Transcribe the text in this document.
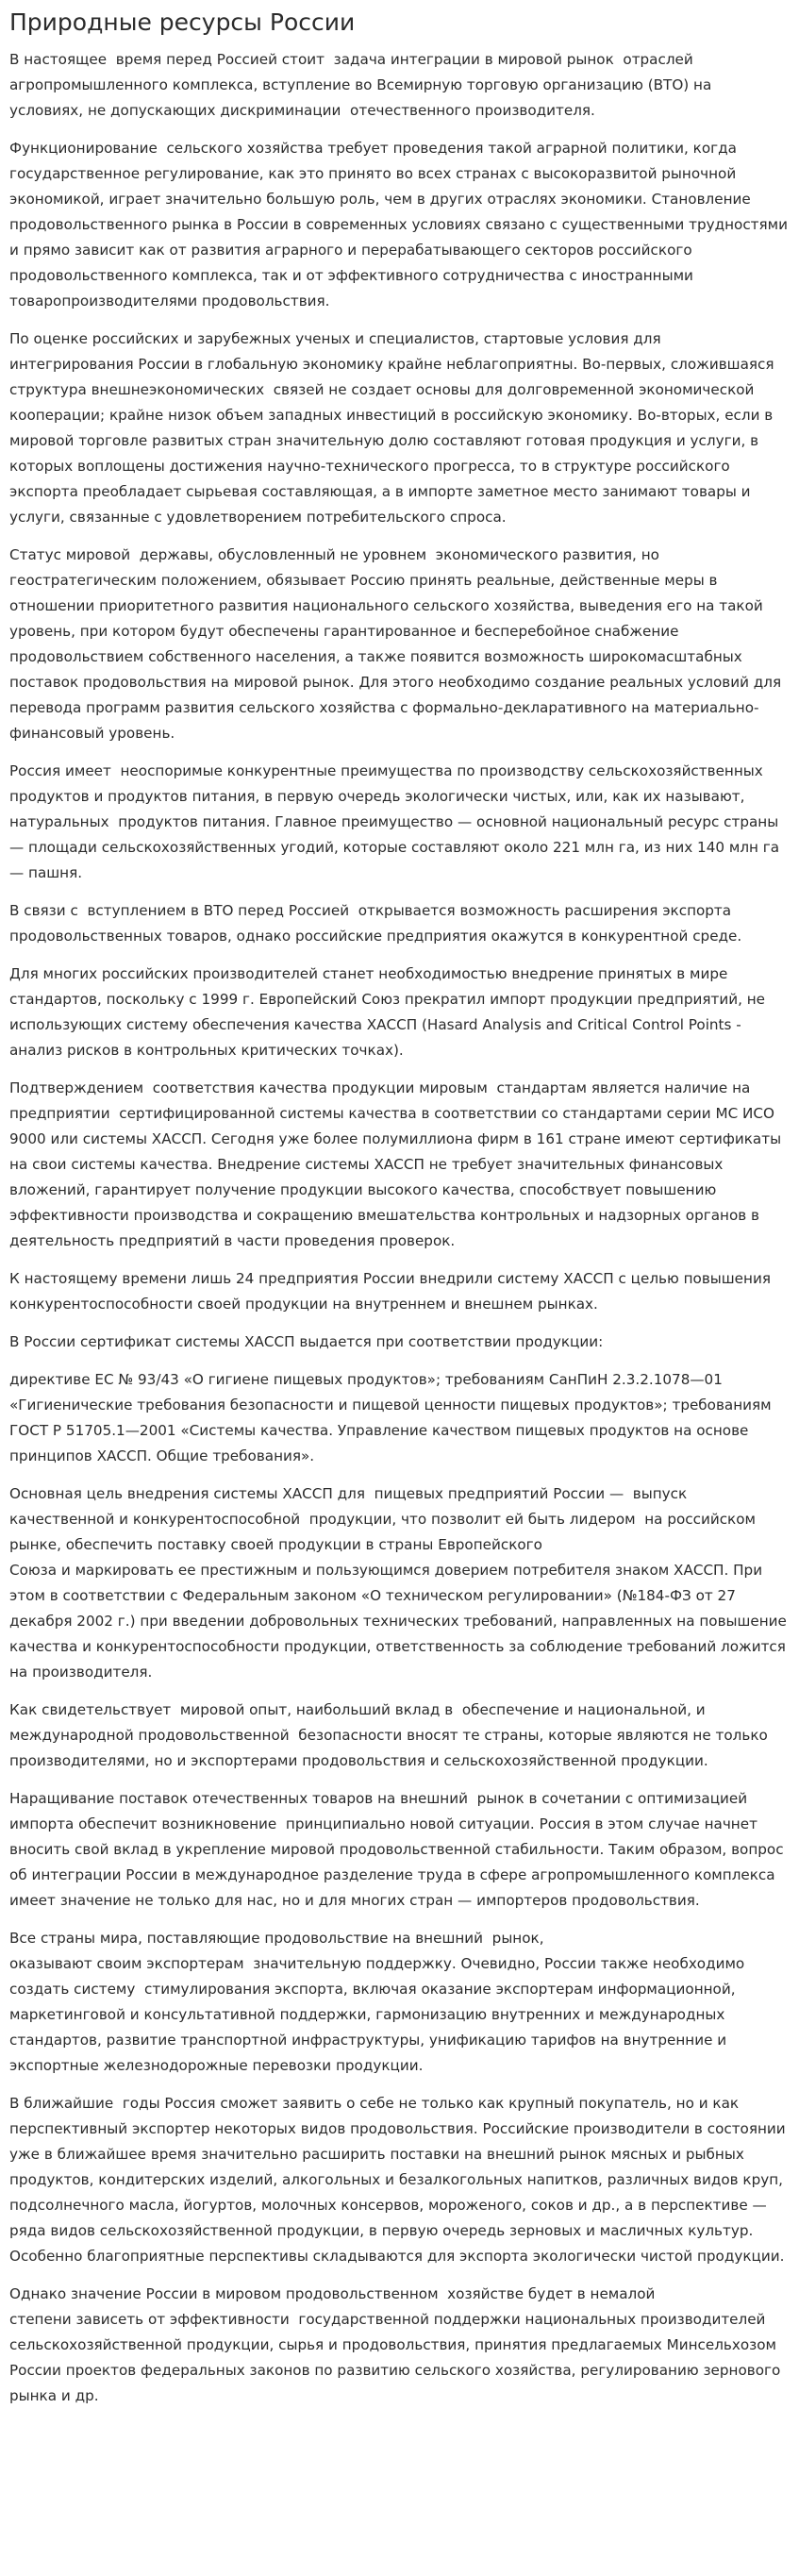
Природные ресурсы России

В настоящее  время перед Россией стоит  задача интеграции в мировой рынок  отраслей агропромышленного комплекса, вступление во Всемирную торговую организацию (ВТО) на условиях, не допускающих дискриминации  отечественного производителя.

Функционирование  сельского хозяйства требует проведения такой аграрной политики, когда государственное регулирование, как это принято во всех странах с высокоразвитой рыночной экономикой, играет значительно большую роль, чем в других отраслях экономики. Становление продовольственного рынка в России в современных условиях связано с существенными трудностями и прямо зависит как от развития аграрного и перерабатывающего секторов российского продовольственного комплекса, так и от эффективного сотрудничества с иностранными товаропроизводителями продовольствия.

По оценке российских и зарубежных ученых и специалистов, стартовые условия для интегрирования России в глобальную экономику крайне неблагоприятны. Во-первых, сложившаяся  структура внешнеэкономических  связей не создает основы для долговременной экономической кооперации; крайне низок объем западных инвестиций в российскую экономику. Во-вторых, если в мировой торговле развитых стран значительную долю составляют готовая продукция и услуги, в которых воплощены достижения научно-технического прогресса, то в структуре российского экспорта преобладает сырьевая составляющая, а в импорте заметное место занимают товары и услуги, связанные с удовлетворением потребительского спроса.

Статус мировой  державы, обусловленный не уровнем  экономического развития, но геостратегическим положением, обязывает Россию принять реальные, действенные меры в отношении приоритетного развития национального сельского хозяйства, выведения его на такой уровень, при котором будут обеспечены гарантированное и бесперебойное снабжение продовольствием собственного населения, а также появится возможность широкомасштабных поставок продовольствия на мировой рынок. Для этого необходимо создание реальных условий для перевода программ развития сельского хозяйства с формально-декларативного на материально-финансовый уровень.

Россия имеет  неоспоримые конкурентные преимущества по производству сельскохозяйственных продуктов и продуктов питания, в первую очередь экологически чистых, или, как их называют, натуральных  продуктов питания. Главное преимущество — основной национальный ресурс страны — площади сельскохозяйственных угодий, которые составляют около 221 млн га, из них 140 млн га — пашня.

В связи с  вступлением в ВТО перед Россией  открывается возможность расширения экспорта продовольственных товаров, однако российские предприятия окажутся в конкурентной среде.

Для многих российских производителей станет необходимостью внедрение принятых в мире стандартов, поскольку с 1999 г. Европейский Союз прекратил импорт продукции предприятий, не использующих систему обеспечения качества ХАССП (Hasard Analysis and Critical Control Points - анализ рисков в контрольных критических точках).

Подтверждением  соответствия качества продукции мировым  стандартам является наличие на предприятии  сертифицированной системы качества в соответствии со стандартами серии МС ИСО 9000 или системы ХАССП. Сегодня уже более полумиллиона фирм в 161 стране имеют сертификаты на свои системы качества. Внедрение системы ХАССП не требует значительных финансовых вложений, гарантирует получение продукции высокого качества, способствует повышению эффективности производства и сокращению вмешательства контрольных и надзорных органов в деятельность предприятий в части проведения проверок.

К настоящему времени лишь 24 предприятия России внедрили систему ХАССП с целью повышения конкурентоспособности своей продукции на внутреннем и внешнем рынках.

В России сертификат системы ХАССП выдается при соответствии продукции:

директиве ЕС № 93/43 «О гигиене пищевых продуктов»; требованиям СанПиН 2.3.2.1078—01 «Гигиенические требования безопасности и пищевой ценности пищевых продуктов»; требованиям ГОСТ Р 51705.1—2001 «Системы качества. Управление качеством пищевых продуктов на основе принципов ХАССП. Общие требования».

Основная цель внедрения системы ХАССП для  пищевых предприятий России —  выпуск качественной и конкурентоспособной  продукции, что позволит ей быть лидером  на российском рынке, обеспечить поставку своей продукции в страны Европейского
Союза и маркировать ее престижным и пользующимся доверием потребителя знаком ХАССП. При этом в соответствии с Федеральным законом «О техническом регулировании» (№184-ФЗ от 27 декабря 2002 г.) при введении добровольных технических требований, направленных на повышение качества и конкурентоспособности продукции, ответственность за соблюдение требований ложится на производителя.

Как свидетельствует  мировой опыт, наибольший вклад в  обеспечение и национальной, и международной продовольственной  безопасности вносят те страны, которые являются не только производителями, но и экспортерами продовольствия и сельскохозяйственной продукции.

Наращивание поставок отечественных товаров на внешний  рынок в сочетании с оптимизацией импорта обеспечит возникновение  принципиально новой ситуации. Россия в этом случае начнет вносить свой вклад в укрепление мировой продовольственной стабильности. Таким образом, вопрос об интеграции России в международное разделение труда в сфере агропромышленного комплекса имеет значение не только для нас, но и для многих стран — импортеров продовольствия.

Все страны мира, поставляющие продовольствие на внешний  рынок,
оказывают своим экспортерам  значительную поддержку. Очевидно, России также необходимо создать систему  стимулирования экспорта, включая оказание экспортерам информационной, маркетинговой и консультативной поддержки, гармонизацию внутренних и международных стандартов, развитие транспортной инфраструктуры, унификацию тарифов на внутренние и экспортные железнодорожные перевозки продукции.

В ближайшие  годы Россия сможет заявить о себе не только как крупный покупатель, но и как перспективный экспортер некоторых видов продовольствия. Российские производители в состоянии уже в ближайшее время значительно расширить поставки на внешний рынок мясных и рыбных продуктов, кондитерских изделий, алкогольных и безалкогольных напитков, различных видов круп, подсолнечного масла, йогуртов, молочных консервов, мороженого, соков и др., а в перспективе — ряда видов сельскохозяйственной продукции, в первую очередь зерновых и масличных культур. Особенно благоприятные перспективы складываются для экспорта экологически чистой продукции.

Однако значение России в мировом продовольственном  хозяйстве будет в немалой
степени зависеть от эффективности  государственной поддержки национальных производителей сельскохозяйственной продукции, сырья и продовольствия, принятия предлагаемых Минсельхозом России проектов федеральных законов по развитию сельского хозяйства, регулированию зернового рынка и др.
